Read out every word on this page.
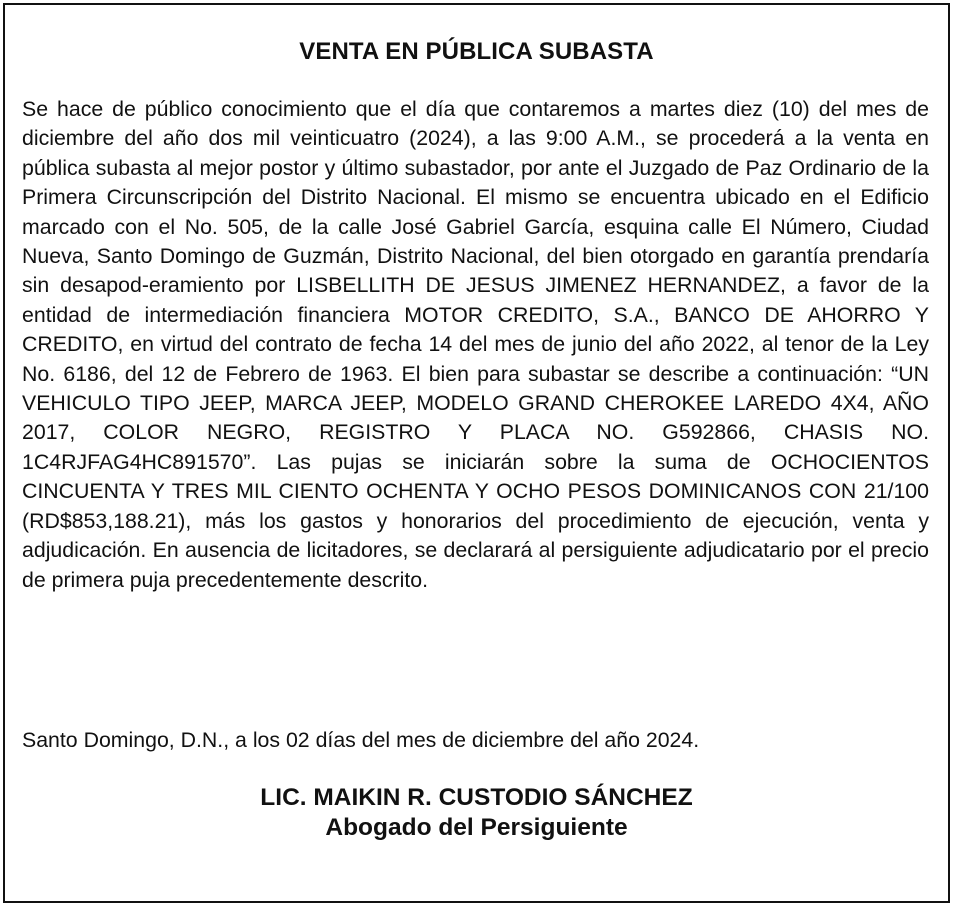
VENTA EN PÚBLICA SUBASTA

Se hace de público conocimiento que el día que contaremos a martes diez (10) del mes de diciembre del año dos mil veinticuatro (2024), a las 9:00 A.M., se procederá a la venta en pública subasta al mejor postor y último subastador, por ante el Juzgado de Paz Ordinario de la Primera Circunscripción del Distrito Nacional. El mismo se encuentra ubicado en el Edificio marcado con el No. 505, de la calle José Gabriel García, esquina calle El Número, Ciudad Nueva, Santo Domingo de Guzmán, Distrito Nacional, del bien otorgado en garantía prendaría sin desapod-eramiento por LISBELLITH DE JESUS JIMENEZ HERNANDEZ, a favor de la entidad de intermediación financiera MOTOR CREDITO, S.A., BANCO DE AHORRO Y CREDITO, en virtud del contrato de fecha 14 del mes de junio del año 2022, al tenor de la Ley No. 6186, del 12 de Febrero de 1963. El bien para subastar se describe a continuación: “UN VEHICULO TIPO JEEP, MARCA JEEP, MODELO GRAND CHEROKEE LAREDO 4X4, AÑO 2017, COLOR NEGRO, REGISTRO Y PLACA NO. G592866, CHASIS NO. 1C4RJFAG4HC891570”. Las pujas se iniciarán sobre la suma de OCHOCIENTOS CINCUENTA Y TRES MIL CIENTO OCHENTA Y OCHO PESOS DOMINICANOS CON 21/100 (RD$853,188.21), más los gastos y honorarios del procedimiento de ejecución, venta y adjudicación. En ausencia de licitadores, se declarará al persiguiente adjudicatario por el precio de primera puja precedentemente descrito.

Santo Domingo, D.N., a los 02 días del mes de diciembre del año 2024.

LIC. MAIKIN R. CUSTODIO SÁNCHEZ
Abogado del Persiguiente
